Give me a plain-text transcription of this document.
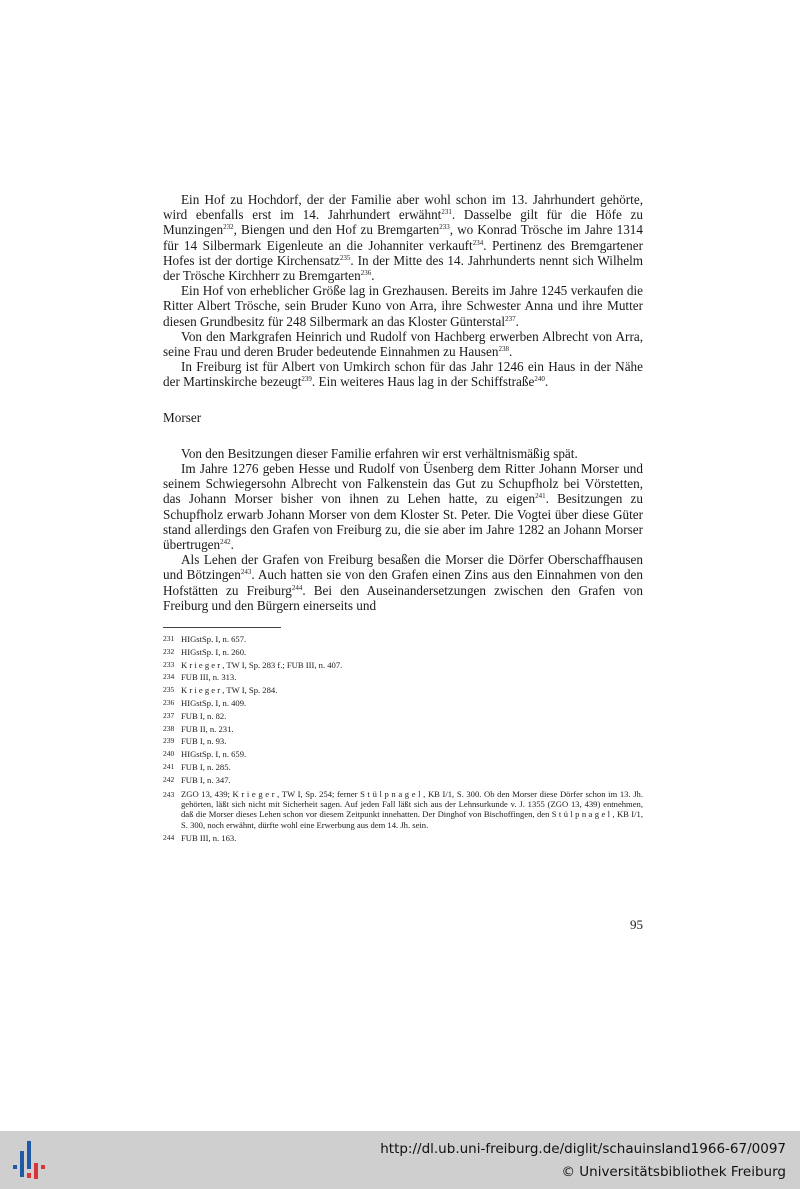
Ein Hof zu Hochdorf, der der Familie aber wohl schon im 13. Jahrhundert gehörte, wird ebenfalls erst im 14. Jahrhundert erwähnt$^{231}$. Dasselbe gilt für die Höfe zu Munzingen$^{232}$, Biengen und den Hof zu Bremgarten$^{233}$, wo Konrad Trösche im Jahre 1314 für 14 Silbermark Eigenleute an die Johanniter verkauft$^{234}$. Pertinenz des Bremgartener Hofes ist der dortige Kirchensatz$^{235}$. In der Mitte des 14. Jahrhunderts nennt sich Wilhelm der Trösche Kirchherr zu Bremgarten$^{236}$.

Ein Hof von erheblicher Größe lag in Grezhausen. Bereits im Jahre 1245 verkaufen die Ritter Albert Trösche, sein Bruder Kuno von Arra, ihre Schwester Anna und ihre Mutter diesen Grundbesitz für 248 Silbermark an das Kloster Günterstal$^{237}$.

Von den Markgrafen Heinrich und Rudolf von Hachberg erwerben Albrecht von Arra, seine Frau und deren Bruder bedeutende Einnahmen zu Hausen$^{238}$.

In Freiburg ist für Albert von Umkirch schon für das Jahr 1246 ein Haus in der Nähe der Martinskirche bezeugt$^{239}$. Ein weiteres Haus lag in der Schiffstraße$^{240}$.

Morser

Von den Besitzungen dieser Familie erfahren wir erst verhältnismäßig spät.

Im Jahre 1276 geben Hesse und Rudolf von Üsenberg dem Ritter Johann Morser und seinem Schwiegersohn Albrecht von Falkenstein das Gut zu Schupfholz bei Vörstetten, das Johann Morser bisher von ihnen zu Lehen hatte, zu eigen$^{241}$. Besitzungen zu Schupfholz erwarb Johann Morser von dem Kloster St. Peter. Die Vogtei über diese Güter stand allerdings den Grafen von Freiburg zu, die sie aber im Jahre 1282 an Johann Morser übertrugen$^{242}$.

Als Lehen der Grafen von Freiburg besaßen die Morser die Dörfer Oberschaffhausen und Bötzingen$^{243}$. Auch hatten sie von den Grafen einen Zins aus den Einnahmen von den Hofstätten zu Freiburg$^{244}$. Bei den Auseinandersetzungen zwischen den Grafen von Freiburg und den Bürgern einerseits und

231 HIGstSp. I, n. 657.
232 HIGstSp. I, n. 260.
233 K r i e g e r , TW I, Sp. 283 f.; FUB III, n. 407.
234 FUB III, n. 313.
235 K r i e g e r , TW I, Sp. 284.
236 HIGstSp. I, n. 409.
237 FUB I, n. 82.
238 FUB II, n. 231.
239 FUB I, n. 93.
240 HIGstSp. I, n. 659.
241 FUB I, n. 285.
242 FUB I, n. 347.
243 ZGO 13, 439; K r i e g e r , TW I, Sp. 254; ferner S t ü l p n a g e l , KB I/1, S. 300. Ob den Morser diese Dörfer schon im 13. Jh. gehörten, läßt sich nicht mit Sicherheit sagen. Auf jeden Fall läßt sich aus der Lehnsurkunde v. J. 1355 (ZGO 13, 439) entnehmen, daß die Morser dieses Lehen schon vor diesem Zeitpunkt innehatten. Der Dinghof von Bischoffingen, den S t ü l p n a g e l , KB I/1, S. 300, noch erwähnt, dürfte wohl eine Erwerbung aus dem 14. Jh. sein.
244 FUB III, n. 163.
95
http://dl.ub.uni-freiburg.de/diglit/schauinsland1966-67/0097
© Universitätsbibliothek Freiburg
